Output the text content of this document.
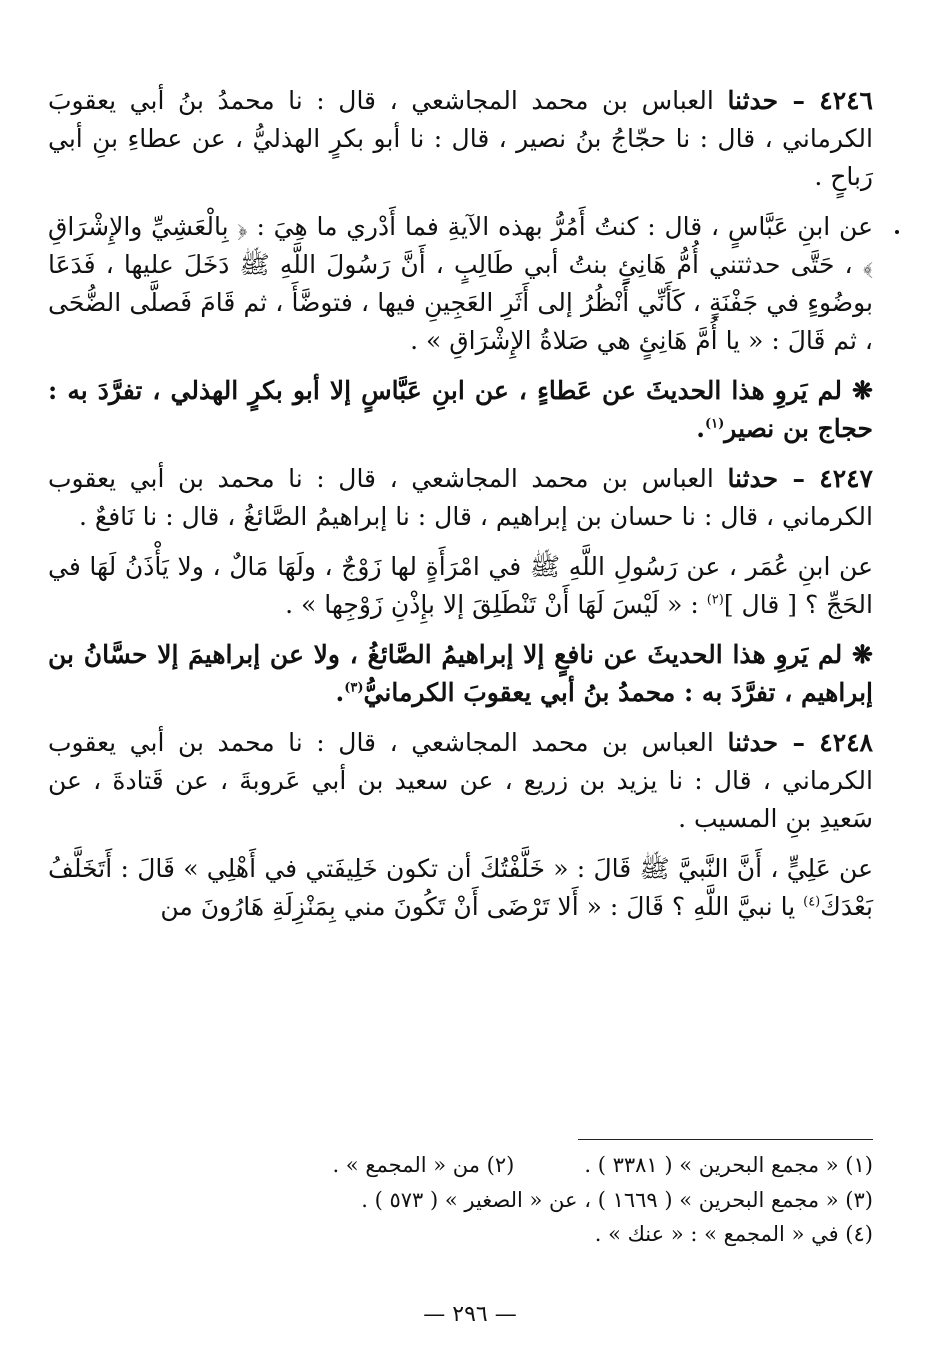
٤٢٤٦ – حدثنا العباس بن محمد المجاشعي ، قال : نا محمدُ بنُ أبي يعقوبَ الكرماني ، قال : نا حجّاجُ بنُ نصير ، قال : نا أبو بكرٍ الهذليُّ ، عن عطاءِ بنِ أبي رَباحٍ .

عن ابنِ عَبَّاسٍ ، قال : كنتُ أَمُرُّ بهذه الآيةِ فما أَدْري ما هِيَ : ﴿ بِالْعَشِيِّ والإِشْرَاقِ ﴾ ، حَتَّى حدثتني أُمُّ هَانِئٍ بنتُ أبي طَالِبٍ ، أَنَّ رَسُولَ اللَّهِ ﷺ دَخَلَ عليها ، فَدَعَا بوضُوءٍ في جَفْنَةٍ ، كَأَنِّي أَنْظُرُ إلى أَثَرِ العَجِينِ فيها ، فتوضَّأَ ، ثم قَامَ فَصلَّى الضُّحَى ، ثم قَالَ : « يا أُمَّ هَانِئٍ هي صَلاةُ الإِشْرَاقِ » .

❋ لم يَروِ هذا الحديثَ عن عَطاءٍ ، عن ابنِ عَبَّاسٍ إلا أبو بكرٍ الهذلي ، تفرَّدَ به : حجاج بن نصير$^{(١)}$.

٤٢٤٧ – حدثنا العباس بن محمد المجاشعي ، قال : نا محمد بن أبي يعقوب الكرماني ، قال : نا حسان بن إبراهيم ، قال : نا إبراهيمُ الصَّائغُ ، قال : نا نَافعٌ .

عن ابنِ عُمَر ، عن رَسُولِ اللَّهِ ﷺ في امْرَأَةٍ لها زَوْجٌ ، ولَهَا مَالٌ ، ولا يَأْذَنُ لَهَا في الحَجِّ ؟ [ قال ]$^{(٢)}$ : « لَيْسَ لَهَا أَنْ تَنْطَلِقَ إلا بإِذْنِ زَوْجِها » .

❋ لم يَروِ هذا الحديثَ عن نافعٍ إلا إبراهيمُ الصَّائغُ ، ولا عن إبراهيمَ إلا حسَّانُ بن إبراهيم ، تفرَّدَ به : محمدُ بنُ أبي يعقوبَ الكرمانيُّ$^{(٣)}$.

٤٢٤٨ – حدثنا العباس بن محمد المجاشعي ، قال : نا محمد بن أبي يعقوب الكرماني ، قال : نا يزيد بن زريع ، عن سعيد بن أبي عَروبةَ ، عن قَتادةَ ، عن سَعيدِ بنِ المسيب .

عن عَلِيٍّ ، أَنَّ النَّبيَّ ﷺ قَالَ : « خَلَّفْتُكَ أن تكون خَلِيفَتي في أَهْلِي » قَالَ : أَتَخَلَّفُ بَعْدَكَ$^{(٤)}$ يا نبيَّ اللَّهِ ؟ قَالَ : « أَلا تَرْضَى أَنْ تَكُونَ مني بِمَنْزِلَةِ هَارُونَ من

(١) « مجمع البحرين » ( ٣٣٨١ ) .
(٢) من « المجمع » .
(٣) « مجمع البحرين » ( ١٦٦٩ ) ، عن « الصغير » ( ٥٧٣ ) .
(٤) في « المجمع » : « عنك » .
— ٢٩٦ —
